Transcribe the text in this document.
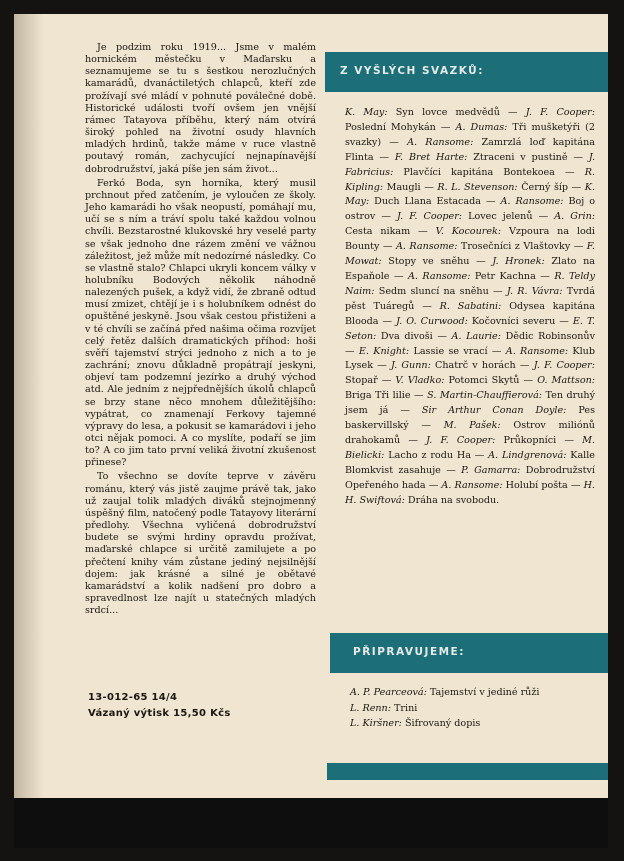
Je podzim roku 1919... Jsme v malém hornickém městečku v Maďarsku a seznamujeme se tu s šestkou nerozlučných kamarádů, dvanáctiletých chlapců, kteří zde prožívají své mládí v pohnuté poválečné době. Historické události tvoří ovšem jen vnější rámec Tatayova příběhu, který nám otvírá široký pohled na životní osudy hlavních mladých hrdinů, takže máme v ruce vlastně poutavý román, zachycující nejnapínavější dobrodružství, jaká píše jen sám život...

Ferkó Boda, syn horníka, který musil prchnout před zatčením, je vyloučen ze školy. Jeho kamarádi ho však neopustí, pomáhají mu, učí se s ním a tráví spolu také každou volnou chvíli. Bezstarostné klukovské hry veselé party se však jednoho dne rázem změní ve vážnou záležitost, jež může mít nedozírné následky. Co se vlastně stalo? Chlapci ukryli koncem války v holubníku Bodových několik náhodně nalezených pušek, a když vidí, že zbraně odtud musí zmizet, chtějí je i s holubníkem odnést do opuštěné jeskyně. Jsou však cestou přistiženi a v té chvíli se začíná před našima očima rozvíjet celý řetěz dalších dramatických příhod: hoši svěří tajemství strýci jednoho z nich a to je zachrání; znovu důkladně propátrají jeskyni, objeví tam podzemní jezírko a druhý východ atd. Ale jedním z nejpřednějších úkolů chlapců se brzy stane něco mnohem důležitějšího: vypátrat, co znamenají Ferkovy tajemné výpravy do lesa, a pokusit se kamarádovi i jeho otci nějak pomoci. A co myslíte, podaří se jim to? A co jim tato první veliká životní zkušenost přinese?

To všechno se dovíte teprve v závěru románu, který vás jistě zaujme právě tak, jako už zaujal tolik mladých diváků stejnojmenný úspěšný film, natočený podle Tatayovy literární předlohy. Všechna vyličená dobrodružství budete se svými hrdiny opravdu prožívat, maďarské chlapce si určitě zamilujete a po přečtení knihy vám zůstane jediný nejsilnější dojem: jak krásné a silné je obětavé kamarádství a kolik nadšení pro dobro a spravedlnost lze najít u statečných mladých srdcí...

13-012-65 14/4
Vázaný výtisk 15,50 Kčs
Z VYŠLÝCH SVAZKŮ:

K. May: Syn lovce medvědů — J. F. Cooper: Poslední Mohykán — A. Dumas: Tři mušketýři (2 svazky) — A. Ransome: Zamrzlá loď kapitána Flinta — F. Bret Harte: Ztraceni v pustině — J. Fabricius: Plavčíci kapitána Bontekoea — R. Kipling: Maugli — R. L. Stevenson: Černý šíp — K. May: Duch Llana Estacada — A. Ransome: Boj o ostrov — J. F. Cooper: Lovec jelenů — A. Grin: Cesta nikam — V. Kocourek: Vzpoura na lodi Bounty — A. Ransome: Trosečníci z Vlaštovky — F. Mowat: Stopy ve sněhu — J. Hronek: Zlato na Espaňole — A. Ransome: Petr Kachna — R. Teldy Naim: Sedm sluncí na sněhu — J. R. Vávra: Tvrdá pěst Tuáregů — R. Sabatini: Odysea kapitána Blooda — J. O. Curwood: Kočovníci severu — E. T. Seton: Dva divoši — A. Laurie: Dědic Robinsonův — E. Knight: Lassie se vrací — A. Ransome: Klub Lysek — J. Gunn: Chatrč v horách — J. F. Cooper: Stopař — V. Vladko: Potomci Skytů — O. Mattson: Briga Tři lilie — S. Martin-Chauffierová: Ten druhý jsem já — Sir Arthur Conan Doyle: Pes baskervillský — M. Pašek: Ostrov miliónů drahokamů — J. F. Cooper: Průkopníci — M. Bielicki: Lacho z rodu Ha — A. Lindgrenová: Kalle Blomkvist zasahuje — P. Gamarra: Dobrodružství Opeřeného hada — A. Ransome: Holubí pošta — H. H. Swiftová: Dráha na svobodu.

PŘIPRAVUJEME:
A. P. Pearceová: Tajemství v jediné růži
L. Renn: Trini
L. Kiršner: Šifrovaný dopis
